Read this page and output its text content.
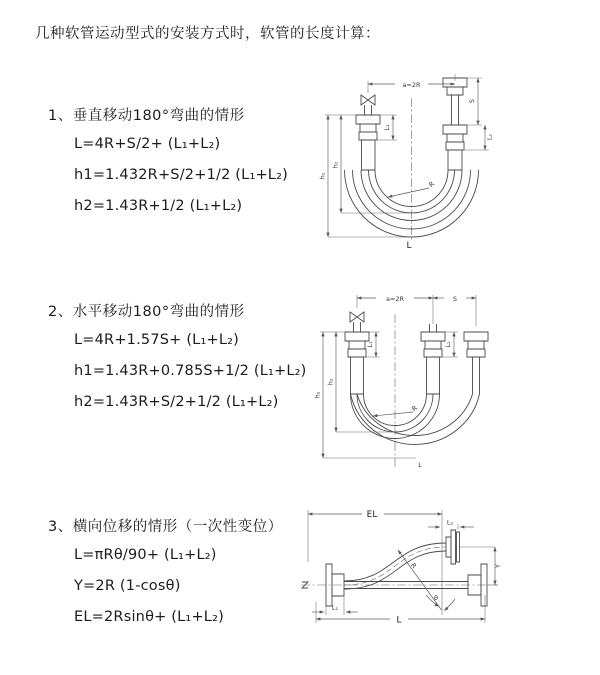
几种软管运动型式的安装方式时，软管的长度计算：
1、垂直移动180°弯曲的情形
L=4R+S/2+ (L₁+L₂)
h1=1.432R+S/2+1/2 (L₁+L₂)
h2=1.43R+1/2 (L₁+L₂)
2、水平移动180°弯曲的情形
L=4R+1.57S+ (L₁+L₂)
h1=1.43R+0.785S+1/2 (L₁+L₂)
h2=1.43R+S/2+1/2 (L₁+L₂)
3、横向位移的情形（一次性变位）
L=πRθ/90+ (L₁+L₂)
Y=2R (1-cosθ)
EL=2Rsinθ+ (L₁+L₂)
a=2R
S
L₂
L₁
h₁
h₂
R
L
a=2R	S
L₁	L₂
h₁
h₂
R
L
EL
L₂
Y
L
L₁
R
θ
